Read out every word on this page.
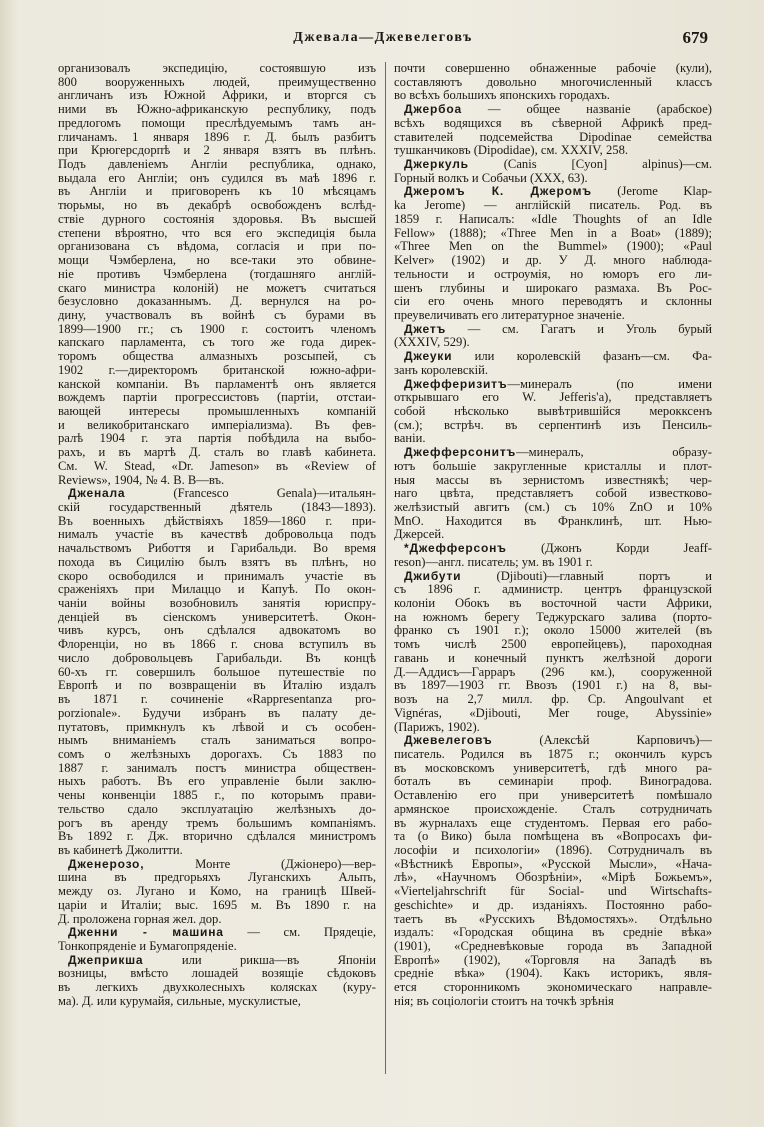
Джевала—Джевелеговъ	679
организовалъ экспедицію, состоявшую изъ
800 вооруженныхъ людей, преимущественно
англичанъ изъ Южной Африки, и вторгся съ
ними въ Южно-африканскую республику, подъ
предлогомъ помощи преслѣдуемымъ тамъ ан-
гличанамъ. 1 января 1896 г. Д. былъ разбитъ
при Крюгерсдорпѣ и 2 января взятъ въ плѣнъ.
Подъ давленіемъ Англіи республика, однако,
выдала его Англіи; онъ судился въ маѣ 1896 г.
въ Англіи и приговоренъ къ 10 мѣсяцамъ
тюрьмы, но въ декабрѣ освобожденъ вслѣд-
ствіе дурного состоянія здоровья. Въ высшей
степени вѣроятно, что вся его экспедиція была
организована съ вѣдома, согласія и при по-
мощи Чэмберлена, но все-таки это обвине-
ніе противъ Чэмберлена (тогдашняго англій-
скаго министра колоній) не можетъ считаться
безусловно доказаннымъ. Д. вернулся на ро-
дину, участвовалъ въ войнѣ съ бурами въ
1899—1900 гг.; съ 1900 г. состоитъ членомъ
капскаго парламента, съ того же года дирек-
торомъ общества алмазныхъ розсыпей, съ
1902 г.—директоромъ британской южно-афри-
канской компаніи. Въ парламентѣ онъ является
вождемъ партіи прогрессистовъ (партіи, отстаи-
вающей интересы промышленныхъ компаній
и великобританскаго имперіализма). Въ фев-
ралѣ 1904 г. эта партія побѣдила на выбо-
рахъ, и въ мартѣ Д. сталъ во главѣ кабинета.
См. W. Stead, «Dr. Jameson» въ «Review of
Reviews», 1904, № 4. В. В—въ.
Дженала (Francesco Genala)—итальян-
скій государственный дѣятель (1843—1893).
Въ военныхъ дѣйствіяхъ 1859—1860 г. при-
нималъ участіе въ качествѣ добровольца подъ
начальствомъ Рибоття и Гарибальди. Во время
похода въ Сицилію былъ взятъ въ плѣнъ, но
скоро освободился и принималъ участіе въ
сраженіяхъ при Милаццо и Капуѣ. По окон-
чаніи войны возобновилъ занятія юриспру-
денціей въ сіенскомъ университетѣ. Окон-
чивъ курсъ, онъ сдѣлался адвокатомъ во
Флоренціи, но въ 1866 г. снова вступилъ въ
число добровольцевъ Гарибальди. Въ концѣ
60-хъ гг. совершилъ большое путешествіе по
Европѣ и по возвращеніи въ Италію издалъ
въ 1871 г. сочиненіе «Rappresentanza pro-
porzionale». Будучи избранъ въ палату де-
путатовъ, примкнулъ къ лѣвой и съ особен-
нымъ вниманіемъ сталъ заниматься вопро-
сомъ о желѣзныхъ дорогахъ. Съ 1883 по
1887 г. занималъ постъ министра обществен-
ныхъ работъ. Въ его управленіе были заклю-
чены конвенціи 1885 г., по которымъ прави-
тельство сдало эксплуатацію желѣзныхъ до-
рогъ въ аренду тремъ большимъ компаніямъ.
Въ 1892 г. Дж. вторично сдѣлался министромъ
въ кабинетѣ Джолитти.
Дженерозо, Монте (Джіонеро)—вер-
шина въ предгорьяхъ Луганскихъ Альпъ,
между оз. Лугано и Комо, на границѣ Швей-
царіи и Италіи; выс. 1695 м. Въ 1890 г. на
Д. проложена горная жел. дор.
Дженни - машина — см. Прядеціе,
Тонкопряденіе и Бумагопряденіе.
Джеприкша или рикша—въ Японіи
возницы, вмѣсто лошадей возящіе сѣдоковъ
въ легкихъ двухколесныхъ колясках (куру-
ма). Д. или курумайя, сильные, мускулистые,
почти совершенно обнаженные рабочіе (кули),
составляютъ довольно многочисленный классъ
во всѣхъ большихъ японскихъ городахъ.
Джербоа — общее названіе (арабское)
всѣхъ водящихся въ сѣверной Африкѣ пред-
ставителей подсемейства Dipodinae семейства
тушканчиковъ (Dipodidae), см. XXXIV, 258.
Джеркуль (Canis [Cyon] alpinus)—см.
Горный волкъ и Собачьи (XXX, 63).
Джеромъ К. Джеромъ (Jerome Klap-
ka Jerome) — англійскій писатель. Род. въ
1859 г. Написалъ: «Idle Thoughts of an Idle
Fellow» (1888); «Three Men in a Boat» (1889);
«Three Men on the Bummel» (1900); «Paul
Kelver» (1902) и др. У Д. много наблюда-
тельности и остроумія, но юморъ его ли-
шенъ глубины и широкаго размаха. Въ Рос-
сіи его очень много переводятъ и склонны
преувеличивать его литературное значеніе.
Джетъ — см. Гагатъ и Уголь бурый
(XXXIV, 529).
Джеуки или королевскій фазанъ—см. Фа-
занъ королевскій.
Джефферизитъ—минералъ (по имени
открывшаго его W. Jefferis'a), представляетъ
собой нѣсколько вывѣтрившійся мерокксенъ
(см.); встрѣч. въ серпентинѣ изъ Пенсиль-
ваніи.
Джефферсонитъ—минералъ, образу-
ютъ большіе закругленные кристаллы и плот-
ныя массы въ зернистомъ известнякѣ; чер-
наго цвѣта, представляетъ собой известково-
желѣзистый авгитъ (см.) съ 10% ZnO и 10%
MnO. Находится въ Франклинѣ, шт. Нью-
Джерсей.
*Джефферсонъ (Джонъ Корди Jeaff-
reson)—англ. писатель; ум. въ 1901 г.
Джибути (Djibouti)—главный портъ и
съ 1896 г. администр. центръ французской
колоніи Обокъ въ восточной части Африки,
на южномъ берегу Теджурскаго залива (порто-
франко съ 1901 г.); около 15000 жителей (въ
томъ числѣ 2500 европейцевъ), пароходная
гавань и конечный пунктъ желѣзной дороги
Д.—Аддисъ—Гарраръ (296 км.), сооруженной
въ 1897—1903 гг. Ввозъ (1901 г.) на 8, вы-
возъ на 2,7 милл. фр. Ср. Angoulvant et
Vignéras, «Djibouti, Mer rouge, Abyssinie»
(Парижъ, 1902).
Джевелеговъ (Алексѣй Карповичъ)—
писатель. Родился въ 1875 г.; окончилъ курсъ
въ московскомъ университетѣ, гдѣ много ра-
боталъ въ семинаріи проф. Виноградова.
Оставленію его при университетѣ помѣшало
армянское происхожденіе. Сталъ сотрудничать
въ журналахъ еще студентомъ. Первая его рабо-
та (о Вико) была помѣщена въ «Вопросахъ фи-
лософіи и психологіи» (1896). Сотрудничалъ въ
«Вѣстникѣ Европы», «Русской Мысли», «Нача-
лѣ», «Научномъ Обозрѣніи», «Мірѣ Божьемъ»,
«Vierteljahrschrift für Social- und Wirtschafts-
geschichte» и др. изданіяхъ. Постоянно рабо-
таетъ въ «Русскихъ Вѣдомостяхъ». Отдѣльно
издалъ: «Городская община въ средніе вѣка»
(1901), «Средневѣковые города въ Западной
Европѣ» (1902), «Торговля на Западѣ въ
средніе вѣка» (1904). Какъ историкъ, явля-
ется сторонникомъ экономическаго направле-
нія; въ соціологіи стоитъ на точкѣ зрѣнія
